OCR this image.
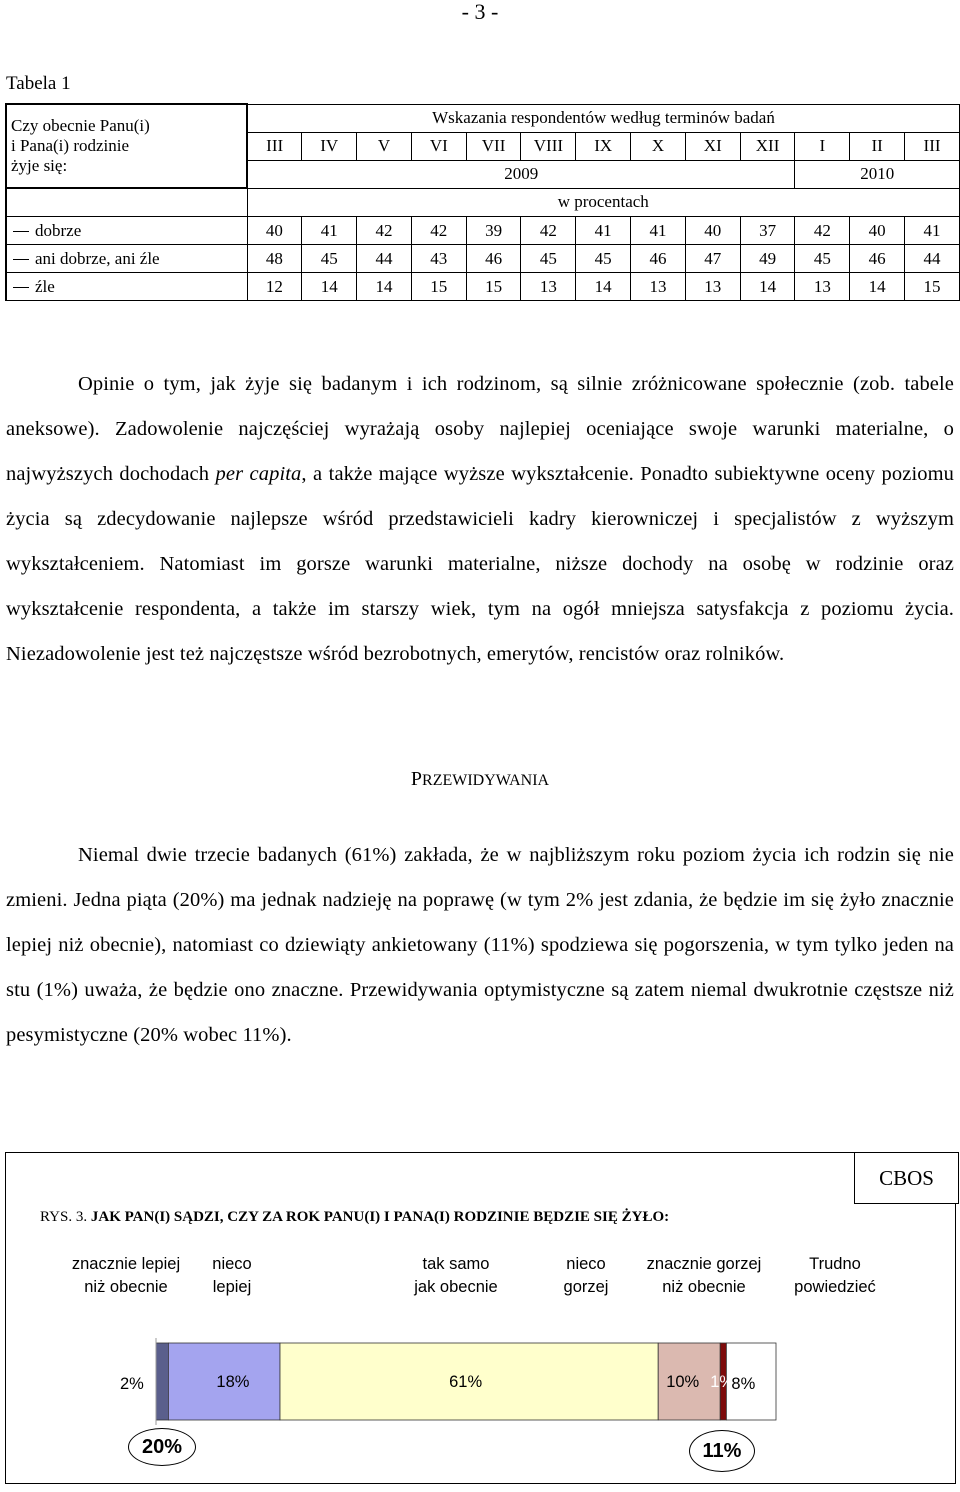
- 3 -
Tabela 1
Czy obecnie Panu(i)
i Pana(i) rodzinie
żyje się:	Wskazania respondentów według terminów badań												
	III	IV	V	VI	VII	VIII	IX	X	XI	XII	I	II	III
	2009										2010		
	w procentach												
dobrze	40	41	42	42	39	42	41	41	40	37	42	40	41
ani dobrze, ani źle	48	45	44	43	46	45	45	46	47	49	45	46	44
źle	12	14	14	15	15	13	14	13	13	14	13	14	15

Opinie o tym, jak żyje się badanym i ich rodzinom, są silnie zróżnicowane społecznie (zob. tabele aneksowe). Zadowolenie najczęściej wyrażają osoby najlepiej oceniające swoje warunki materialne, o najwyższych dochodach per capita, a także mające wyższe wykształcenie. Ponadto subiektywne oceny poziomu życia są zdecydowanie najlepsze wśród przedstawicieli kadry kierowniczej i specjalistów z wyższym wykształceniem. Natomiast im gorsze warunki materialne, niższe dochody na osobę w rodzinie oraz wykształcenie respondenta, a także im starszy wiek, tym na ogół mniejsza satysfakcja z poziomu życia. Niezadowolenie jest też najczęstsze wśród bezrobotnych, emerytów, rencistów oraz rolników.

PRZEWIDYWANIA

Niemal dwie trzecie badanych (61%) zakłada, że w najbliższym roku poziom życia ich rodzin się nie zmieni. Jedna piąta (20%) ma jednak nadzieję na poprawę (w tym 2% jest zdania, że będzie im się żyło znacznie lepiej niż obecnie), natomiast co dziewiąty ankietowany (11%) spodziewa się pogorszenia, w tym tylko jeden na stu (1%) uważa, że będzie ono znaczne. Przewidywania optymistyczne są zatem niemal dwukrotnie częstsze niż pesymistyczne (20% wobec 11%).

CBOS
RYS. 3. JAK PAN(I) SĄDZI, CZY ZA ROK PANU(I) I PANA(I) RODZINIE BĘDZIE SIĘ ŻYŁO:
znacznie lepiej
niż obecnie
nieco
lepiej
tak samo
jak obecnie
nieco
gorzej
znacznie gorzej
niż obecnie
Trudno
powiedzieć
2%	18%	61%	10% 1%
8%
20%	11%
